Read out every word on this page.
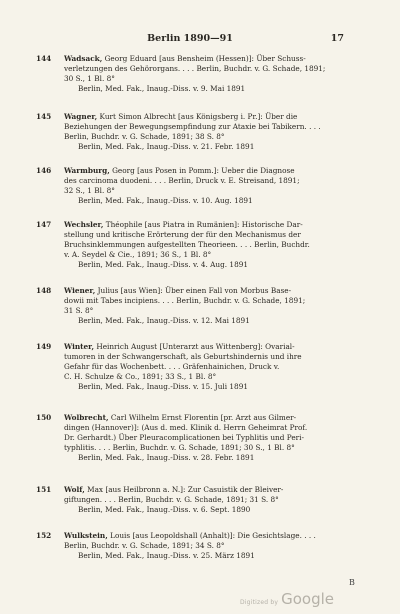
Berlin 1890—91	17
144	Wadsack, Georg Eduard [aus Bensheim (Hessen)]: Über Schuss-
verletzungen des Gehörorgans. . . . Berlin, Buchdr. v. G. Schade, 1891;
30 S., 1 Bl. 8°
Berlin, Med. Fak., Inaug.-Diss. v. 9. Mai 1891
145	Wagner, Kurt Simon Albrecht [aus Königsberg i. Pr.]: Über die
Beziehungen der Bewegungsempfindung zur Ataxie bei Tabikern. . . .
Berlin, Buchdr. v. G. Schade, 1891; 38 S. 8°
Berlin, Med. Fak., Inaug.-Diss. v. 21. Febr. 1891
146	Warmburg, Georg [aus Posen in Pomm.]: Ueber die Diagnose
des carcinoma duodeni. . . . Berlin, Druck v. E. Streisand, 1891;
32 S., 1 Bl. 8°
Berlin, Med. Fak., Inaug.-Diss. v. 10. Aug. 1891
147	Wechsler, Théophile [aus Piatra in Rumänien]: Historische Dar-
stellung und kritische Erörterung der für den Mechanismus der
Bruchsinklemmungen aufgestellten Theorieen. . . . Berlin, Buchdr.
v. A. Seydel & Cie., 1891; 36 S., 1 Bl. 8°
Berlin, Med. Fak., Inaug.-Diss. v. 4. Aug. 1891
148	Wiener, Julius [aus Wien]: Über einen Fall von Morbus Base-
dowii mit Tabes incipiens. . . . Berlin, Buchdr. v. G. Schade, 1891;
31 S. 8°
Berlin, Med. Fak., Inaug.-Diss. v. 12. Mai 1891
149	Winter, Heinrich August [Unterarzt aus Wittenberg]: Ovarial-
tumoren in der Schwangerschaft, als Geburtshindernis und ihre
Gefahr für das Wochenbett. . . . Gräfenhainichen, Druck v.
C. H. Schulze & Co., 1891; 33 S., 1 Bl. 8°
Berlin, Med. Fak., Inaug.-Diss. v. 15. Juli 1891
150	Wolbrecht, Carl Wilhelm Ernst Florentin [pr. Arzt aus Gilmer-
dingen (Hannover)]: (Aus d. med. Klinik d. Herrn Geheimrat Prof.
Dr. Gerhardt.) Über Pleuracomplicationen bei Typhlitis und Peri-
typhlitis. . . . Berlin, Buchdr. v. G. Schade, 1891; 30 S., 1 Bl. 8°
Berlin, Med. Fak., Inaug.-Diss. v. 28. Febr. 1891
151	Wolf, Max [aus Heilbronn a. N.]: Zur Casuistik der Bleiver-
giftungen. . . . Berlin, Buchdr. v. G. Schade, 1891; 31 S. 8°
Berlin, Med. Fak., Inaug.-Diss. v. 6. Sept. 1890
152	Wulkstein, Louis [aus Leopoldshall (Anhalt)]: Die Gesichtslage. . . .
Berlin, Buchdr. v. G. Schade, 1891; 34 S. 8°
Berlin, Med. Fak., Inaug.-Diss. v. 25. März 1891
B
Digitized by Google
